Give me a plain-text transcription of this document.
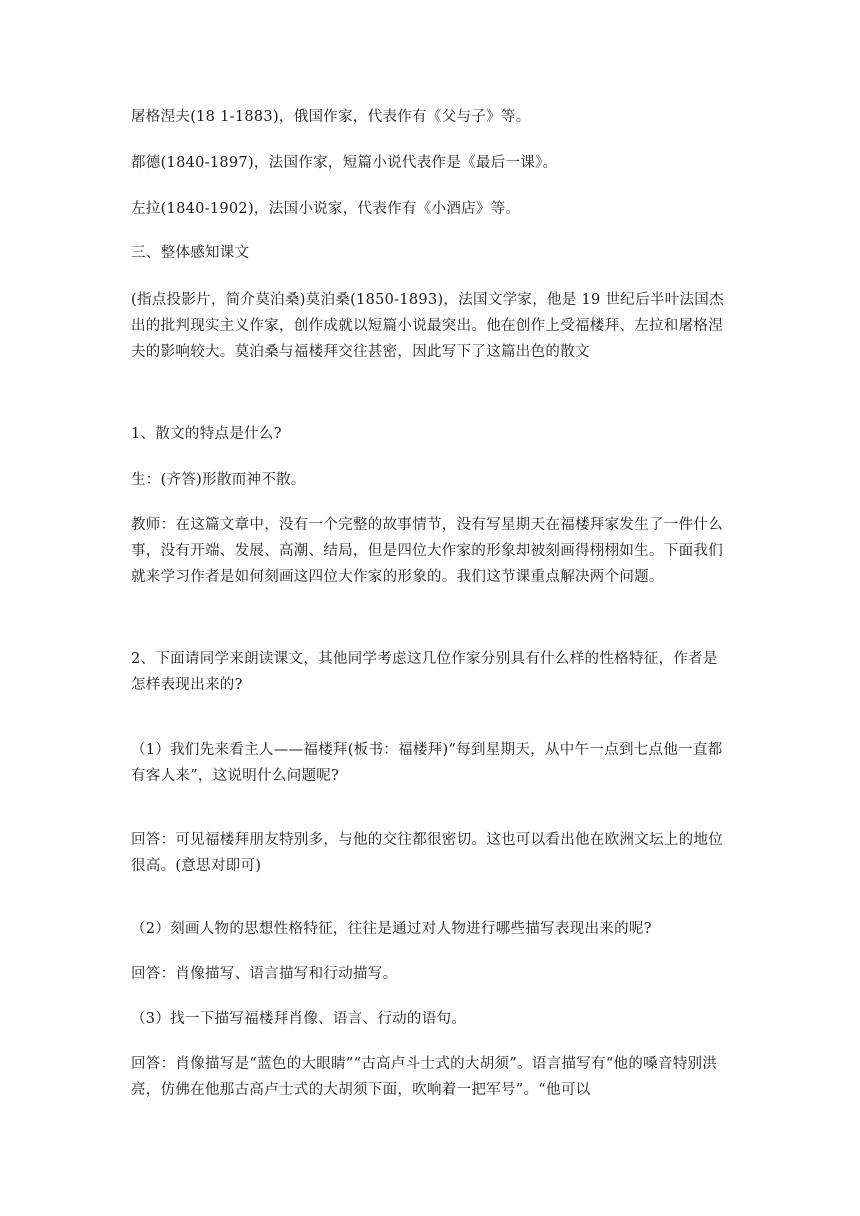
屠格涅夫(18 1-1883)，俄国作家，代表作有《父与子》等。

都德(1840-1897)，法国作家，短篇小说代表作是《最后一课》。

左拉(1840-1902)，法国小说家，代表作有《小酒店》等。

三、整体感知课文

(指点投影片，简介莫泊桑)莫泊桑(1850-1893)，法国文学家，他是 19 世纪后半叶法国杰出的批判现实主义作家，创作成就以短篇小说最突出。他在创作上受福楼拜、左拉和屠格涅夫的影响较大。莫泊桑与福楼拜交往甚密，因此写下了这篇出色的散文

1、散文的特点是什么?

生：(齐答)形散而神不散。

教师：在这篇文章中，没有一个完整的故事情节，没有写星期天在福楼拜家发生了一件什么事，没有开端、发展、高潮、结局，但是四位大作家的形象却被刻画得栩栩如生。下面我们就来学习作者是如何刻画这四位大作家的形象的。我们这节课重点解决两个问题。

2、下面请同学来朗读课文，其他同学考虑这几位作家分别具有什么样的性格特征，作者是怎样表现出来的?

（1）我们先来看主人——福楼拜(板书：福楼拜)“每到星期天，从中午一点到七点他一直都有客人来”，这说明什么问题呢?

回答：可见福楼拜朋友特别多，与他的交往都很密切。这也可以看出他在欧洲文坛上的地位很高。(意思对即可)

（2）刻画人物的思想性格特征，往往是通过对人物进行哪些描写表现出来的呢?

回答：肖像描写、语言描写和行动描写。

（3）找一下描写福楼拜肖像、语言、行动的语句。

回答：肖像描写是“蓝色的大眼睛”“古高卢斗士式的大胡须”。语言描写有“他的嗓音特别洪亮，仿佛在他那古高卢士式的大胡须下面，吹响着一把军号”。“他可以
